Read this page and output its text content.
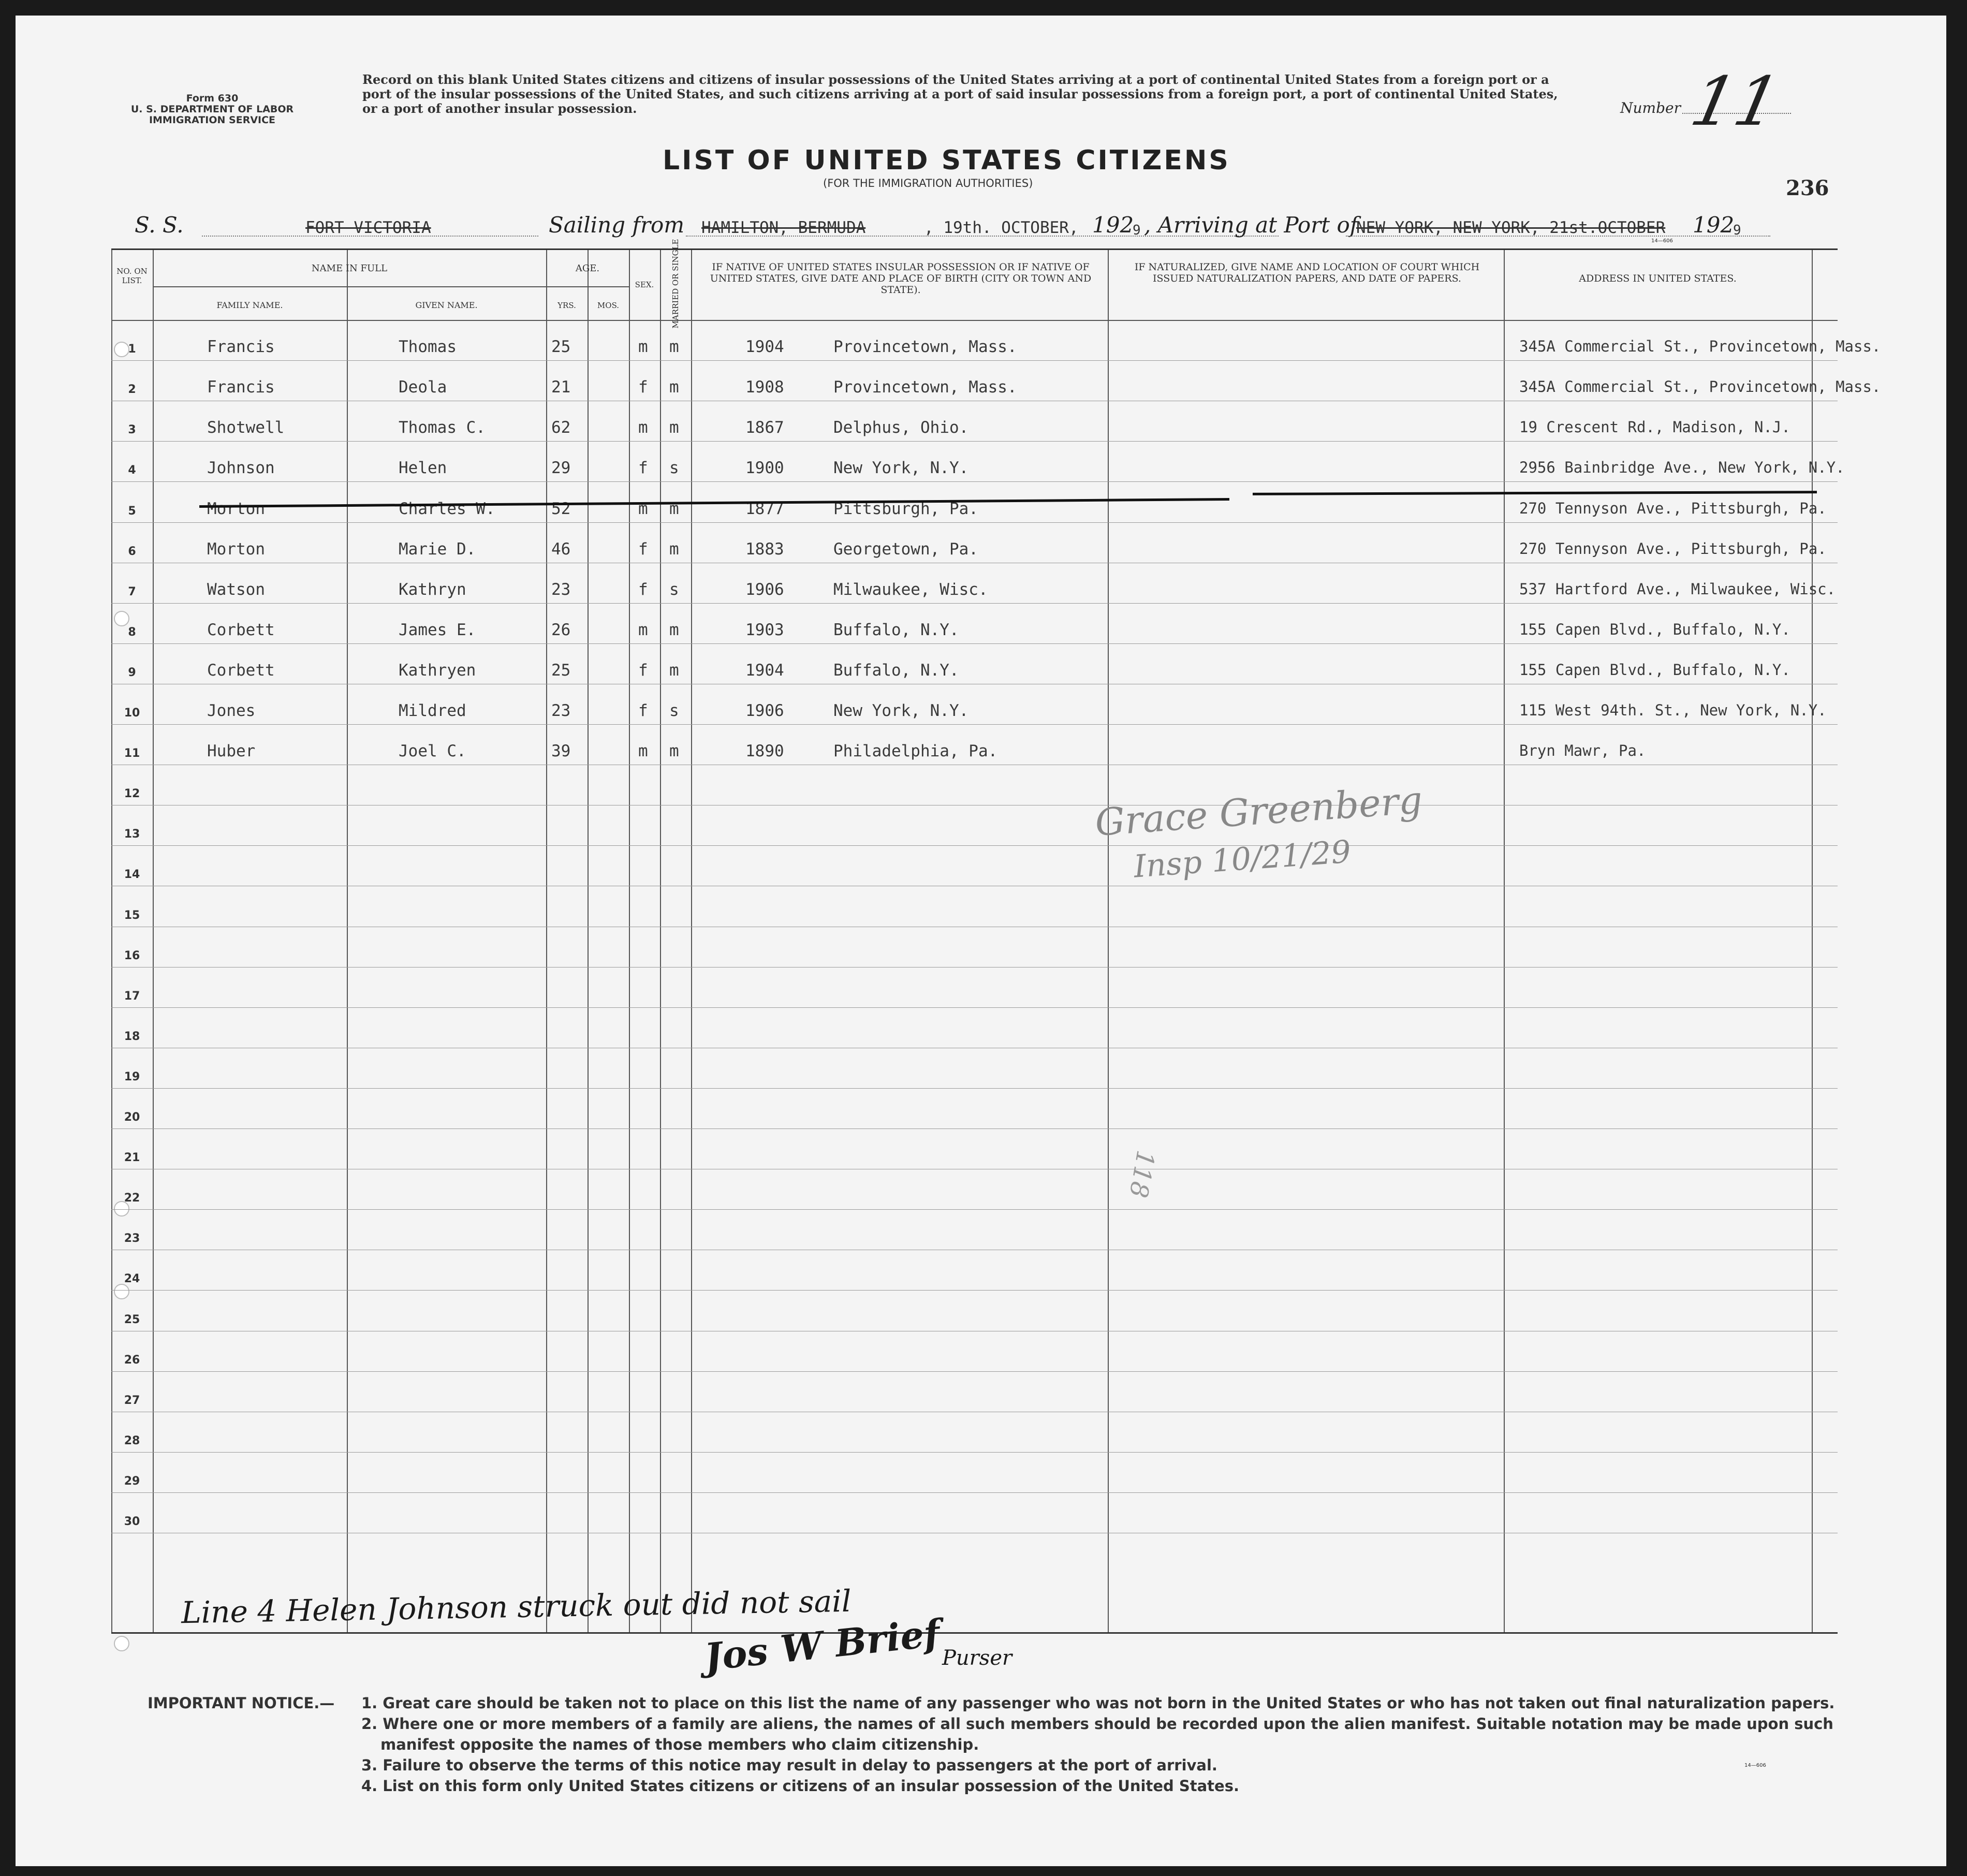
Form 630
U. S. DEPARTMENT OF LABOR
IMMIGRATION SERVICE
Record on this blank United States citizens and citizens of insular possessions of the United States arriving at a port of continental United States from a foreign port or a port of the insular possessions of the United States, and such citizens arriving at a port of said insular possessions from a foreign port, a port of continental United States, or a port of another insular possession.	Number 11
LIST OF UNITED STATES CITIZENS
(FOR THE IMMIGRATION AUTHORITIES)	236
S. S.	FORT VICTORIA	Sailing from HAMILTON, BERMUDA	, 19th. OCTOBER, 192
9 , Arriving at Port of
NEW YORK, NEW YORK, 21st.OCTOBER 192
9
14—606
NO. ON LIST.
NAME IN FULL
FAMILY NAME.	GIVEN NAME.
AGE.
YRS.	MOS.
SEX.	MARRIED OR SINGLE	IF NATIVE OF UNITED STATES INSULAR POSSESSION OR IF NATIVE OF UNITED STATES, GIVE DATE AND PLACE OF BIRTH (CITY OR TOWN AND STATE).
IF NATURALIZED, GIVE NAME AND LOCATION OF COURT WHICH ISSUED NATURALIZATION PAPERS, AND DATE OF PAPERS.	ADDRESS IN UNITED STATES.
1	Francis	Thomas	25	m m	1904	Provincetown, Mass.	345A Commercial St., Provincetown, Mass.
2	Francis	Deola	21	f m	1908	Provincetown, Mass.	345A Commercial St., Provincetown, Mass.
3	Shotwell	Thomas C.	62	m m	1867	Delphus, Ohio.	19 Crescent Rd., Madison, N.J.
4	Johnson	Helen	29	f s	1900	New York, N.Y.	2956 Bainbridge Ave., New York, N.Y.
5	Morton	Charles W.	52	m m	1877	Pittsburgh, Pa.	270 Tennyson Ave., Pittsburgh, Pa.
6	Morton	Marie D.	46	f m	1883	Georgetown, Pa.	270 Tennyson Ave., Pittsburgh, Pa.
7	Watson	Kathryn	23	f s	1906	Milwaukee, Wisc.	537 Hartford Ave., Milwaukee, Wisc.
8	Corbett	James E.	26	m m	1903	Buffalo, N.Y.	155 Capen Blvd., Buffalo, N.Y.
9	Corbett	Kathryen	25	f m	1904	Buffalo, N.Y.	155 Capen Blvd., Buffalo, N.Y.
10	Jones	Mildred	23	f s	1906	New York, N.Y.	115 West 94th. St., New York, N.Y.
11	Huber	Joel C.	39	m m	1890	Philadelphia, Pa.	Bryn Mawr, Pa.
12
13
14
15
16
17
18
19
20
21
22
23
24
25
26
27
28
29
30
Grace Greenberg
Insp 10/21/29
118
Line 4 Helen Johnson struck out did not sail
Jos W Brief Purser
IMPORTANT NOTICE.— 1. Great care should be taken not to place on this list the name of any passenger who was not born in the United States or who has not taken out final naturalization papers.
2. Where one or more members of a family are aliens, the names of all such members should be recorded upon the alien manifest. Suitable notation may be made upon such
manifest opposite the names of those members who claim citizenship.
3. Failure to observe the terms of this notice may result in delay to passengers at the port of arrival.
4. List on this form only United States citizens or citizens of an insular possession of the United States.
14—606
